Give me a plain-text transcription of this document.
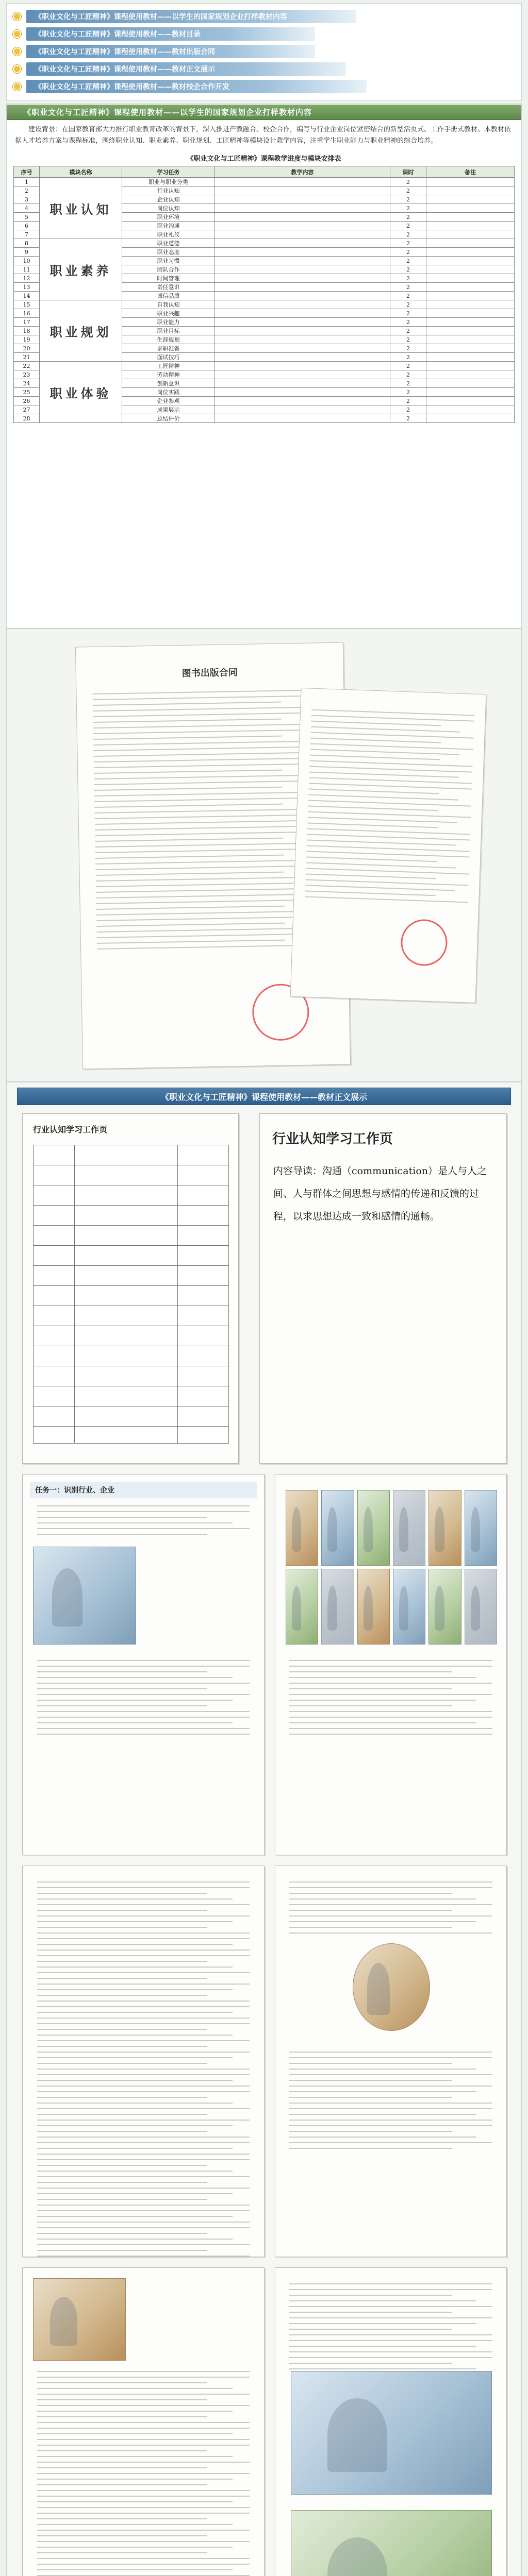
《职业文化与工匠精神》课程使用教材——以学生的国家规划企业打样教材内容
《职业文化与工匠精神》课程使用教材——教材目录
《职业文化与工匠精神》课程使用教材——教材出版合同
《职业文化与工匠精神》课程使用教材——教材正文展示
《职业文化与工匠精神》课程使用教材——教材校企合作开发
《职业文化与工匠精神》课程使用教材——以学生的国家规划企业打样教材内容

建设背景：在国家教育部大力推行职业教育改革的背景下，深入推进产教融合、校企合作，编写与行业企业岗位紧密结合的新型活页式、工作手册式教材。本教材依据人才培养方案与课程标准，围绕职业认知、职业素养、职业规划、工匠精神等模块设计教学内容，注重学生职业能力与职业精神的综合培养。

《职业文化与工匠精神》课程教学进度与模块安排表
序号	模块名称	学习任务	教学内容	课时	备注
1	职业认知	职业与职业分类		2	
2		行业认知		2	
3		企业认知		2	
4		岗位认知		2	
5		职业环境		2	
6		职业沟通		2	
7		职业礼仪		2	
8	职业素养	职业道德		2	
9		职业态度		2	
10		职业习惯		2	
11		团队合作		2	
12		时间管理		2	
13		责任意识		2	
14		诚信品质		2	
15	职业规划	自我认知		2	
16		职业兴趣		2	
17		职业能力		2	
18		职业目标		2	
19		生涯规划		2	
20		求职准备		2	
21		面试技巧		2	
22	职业体验	工匠精神		2	
23		劳动精神		2	
24		创新意识		2	
25		岗位实践		2	
26		企业参观		2	
27		成果展示		2	
28		总结评价		2	
图书出版合同
《职业文化与工匠精神》课程使用教材——教材正文展示
行业认知学习工作页
行业认知学习工作页
内容导读：沟通（communication）是人与人之间、人与群体之间思想与感情的传递和反馈的过程，以求思想达成一致和感情的通畅。
任务一：识别行业、企业
